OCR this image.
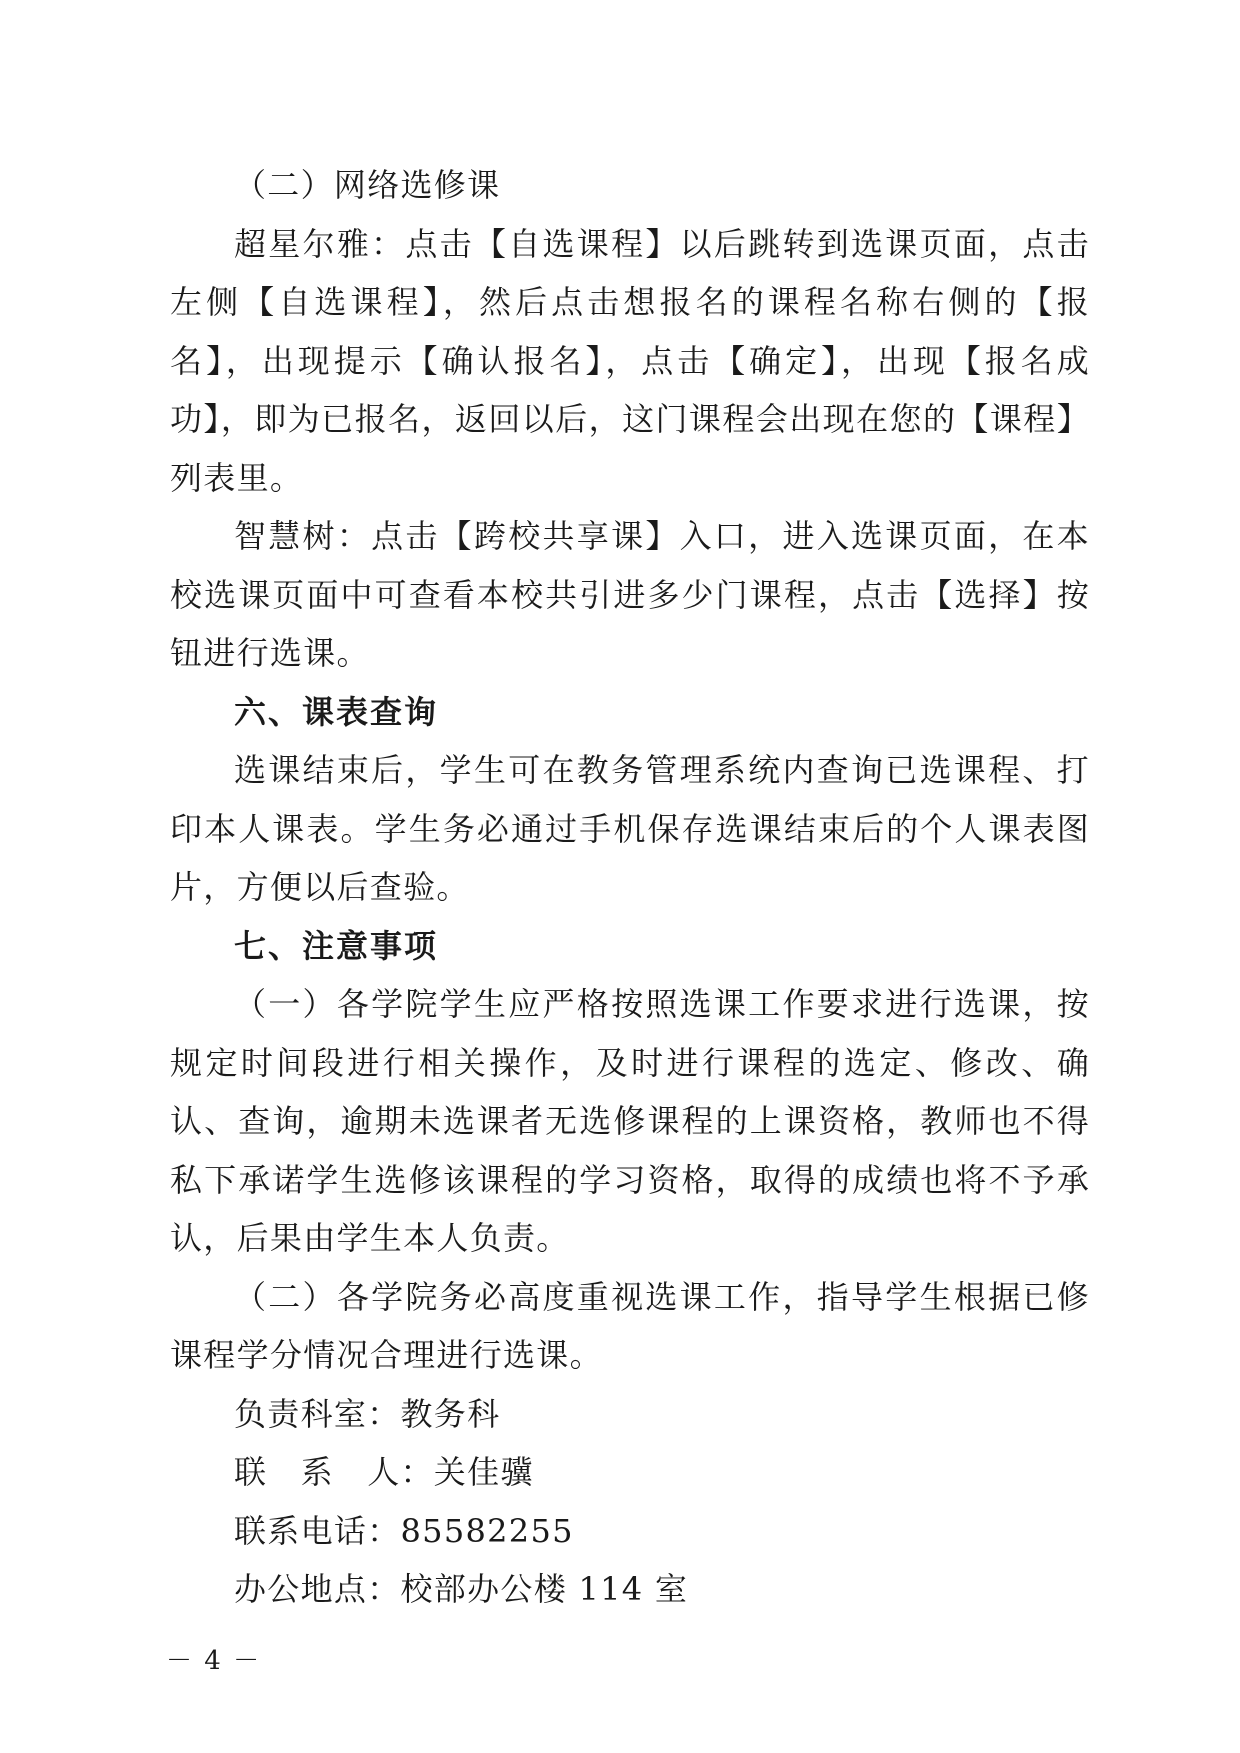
（二）网络选修课

超星尔雅：点击【自选课程】以后跳转到选课页面，点击左侧【自选课程】，然后点击想报名的课程名称右侧的【报名】，出现提示【确认报名】，点击【确定】，出现【报名成功】，即为已报名，返回以后，这门课程会出现在您的【课程】列表里。

智慧树：点击【跨校共享课】入口，进入选课页面，在本校选课页面中可查看本校共引进多少门课程，点击【选择】按钮进行选课。

六、课表查询

选课结束后，学生可在教务管理系统内查询已选课程、打印本人课表。学生务必通过手机保存选课结束后的个人课表图片，方便以后查验。

七、注意事项

（一）各学院学生应严格按照选课工作要求进行选课，按规定时间段进行相关操作，及时进行课程的选定、修改、确认、查询，逾期未选课者无选修课程的上课资格，教师也不得私下承诺学生选修该课程的学习资格，取得的成绩也将不予承认，后果由学生本人负责。

（二）各学院务必高度重视选课工作，指导学生根据已修课程学分情况合理进行选课。

负责科室：教务科

联　系　人：关佳骥

联系电话：85582255

办公地点：校部办公楼 114 室

－ 4 －
